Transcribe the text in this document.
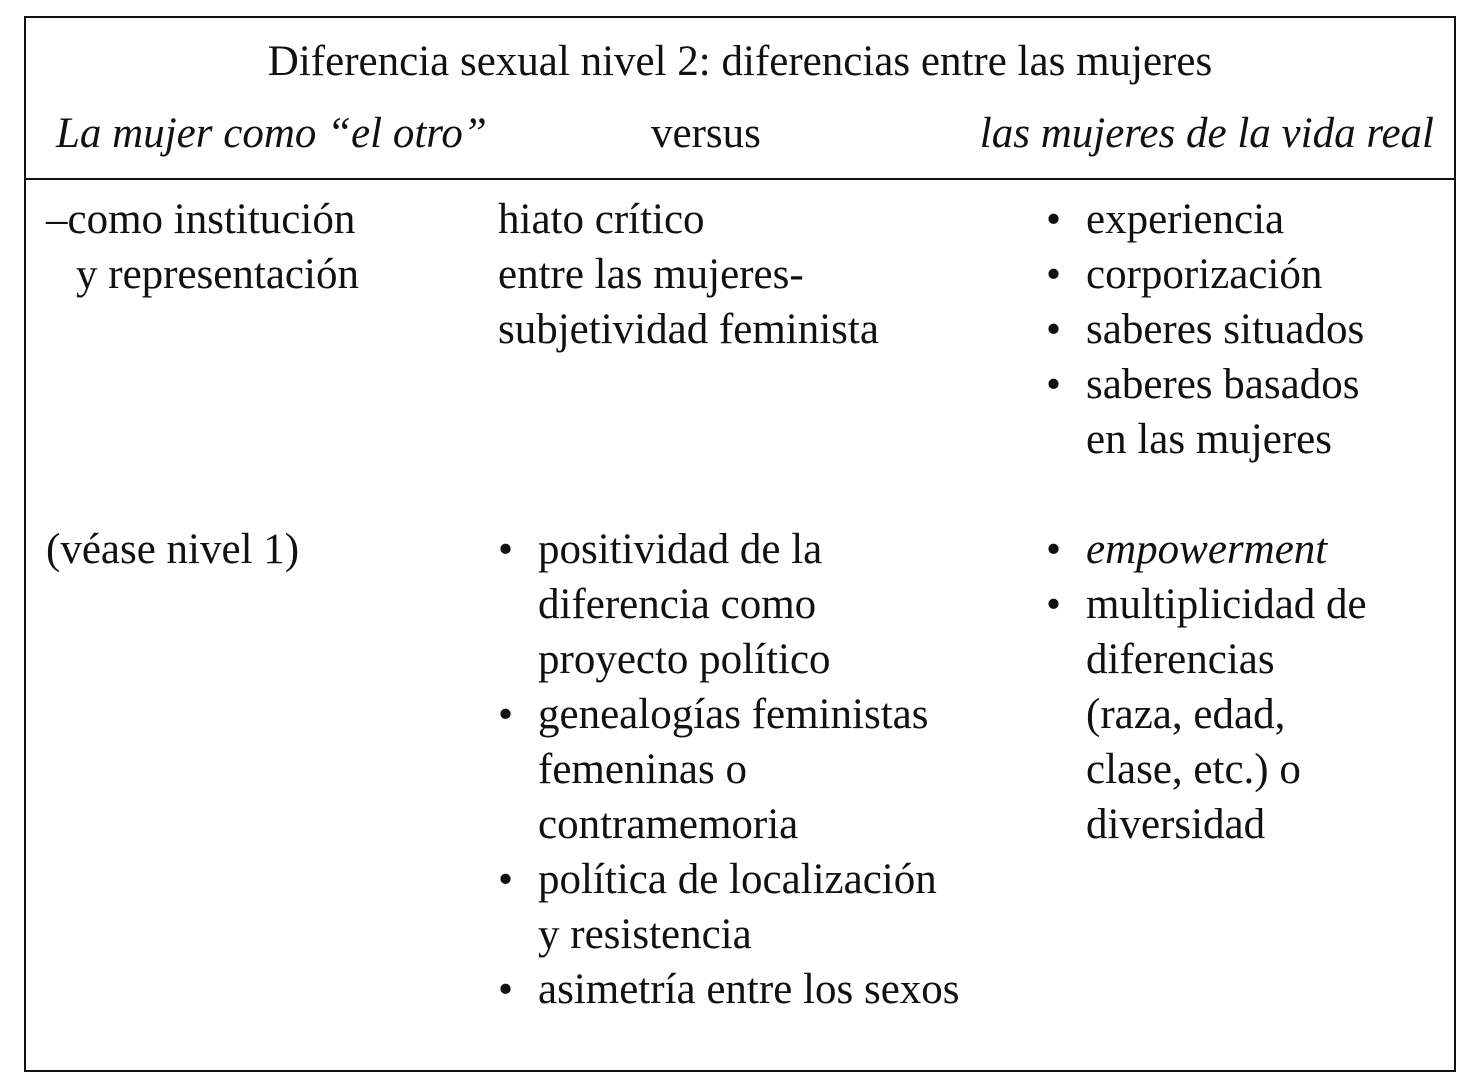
Diferencia sexual nivel 2: diferencias entre las mujeres
La mujer como “el otro”	versus	las mujeres de la vida real
–como institución
y representación
hiato crítico
entre las mujeres-
subjetividad feminista
•
experiencia
•
corporización
•
saberes situados
•
saberes basados
en las mujeres
(véase nivel 1)
•	positividad de la
diferencia como
proyecto político
•
genealogías feministas
femeninas o
contramemoria
•
política de localización
y resistencia
•
asimetría entre los sexos
•
empowerment
•
multiplicidad de
diferencias
(raza, edad,
clase, etc.) o
diversidad
